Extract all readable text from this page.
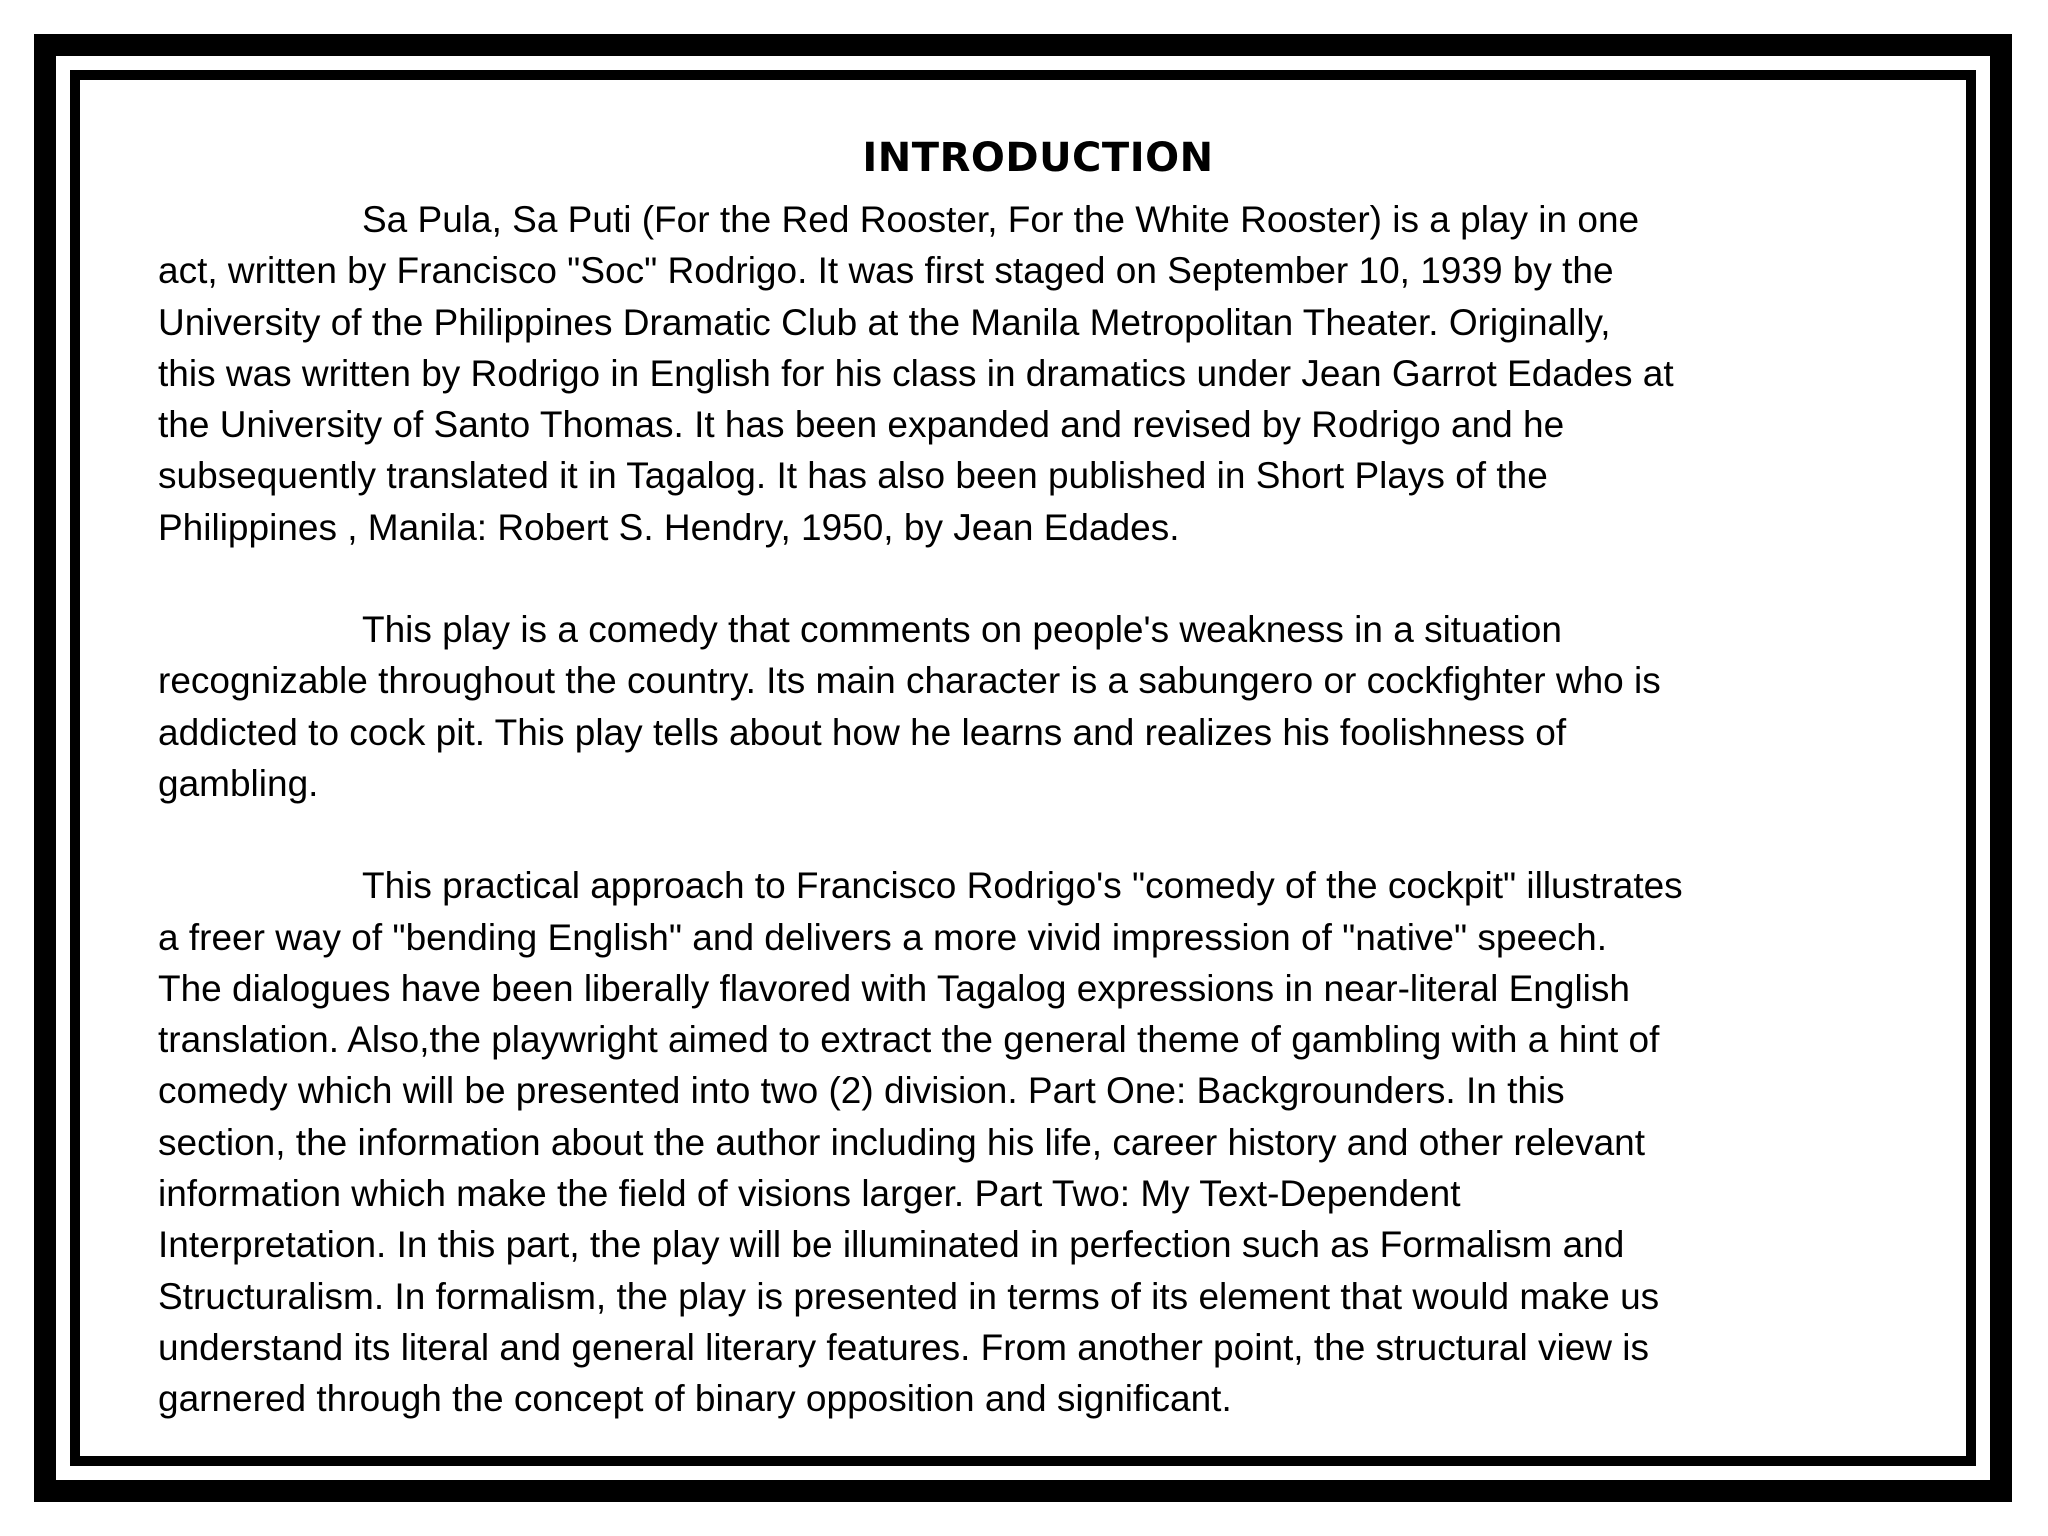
INTRODUCTION

Sa Pula, Sa Puti (For the Red Rooster, For the White Rooster) is a play in one
act, written by Francisco "Soc" Rodrigo. It was first staged on September 10, 1939 by the
University of the Philippines Dramatic Club at the Manila Metropolitan Theater. Originally,
this was written by Rodrigo in English for his class in dramatics under Jean Garrot Edades at
the University of Santo Thomas. It has been expanded and revised by Rodrigo and he
subsequently translated it in Tagalog. It has also been published in Short Plays of the
Philippines , Manila: Robert S. Hendry, 1950, by Jean Edades.

This play is a comedy that comments on people's weakness in a situation
recognizable throughout the country. Its main character is a sabungero or cockfighter who is
addicted to cock pit. This play tells about how he learns and realizes his foolishness of
gambling.

This practical approach to Francisco Rodrigo's "comedy of the cockpit" illustrates
a freer way of "bending English" and delivers a more vivid impression of "native" speech.
The dialogues have been liberally flavored with Tagalog expressions in near-literal English
translation. Also,the playwright aimed to extract the general theme of gambling with a hint of
comedy which will be presented into two (2) division. Part One: Backgrounders. In this
section, the information about the author including his life, career history and other relevant
information which make the field of visions larger. Part Two: My Text-Dependent
Interpretation. In this part, the play will be illuminated in perfection such as Formalism and
Structuralism. In formalism, the play is presented in terms of its element that would make us
understand its literal and general literary features. From another point, the structural view is
garnered through the concept of binary opposition and significant.
